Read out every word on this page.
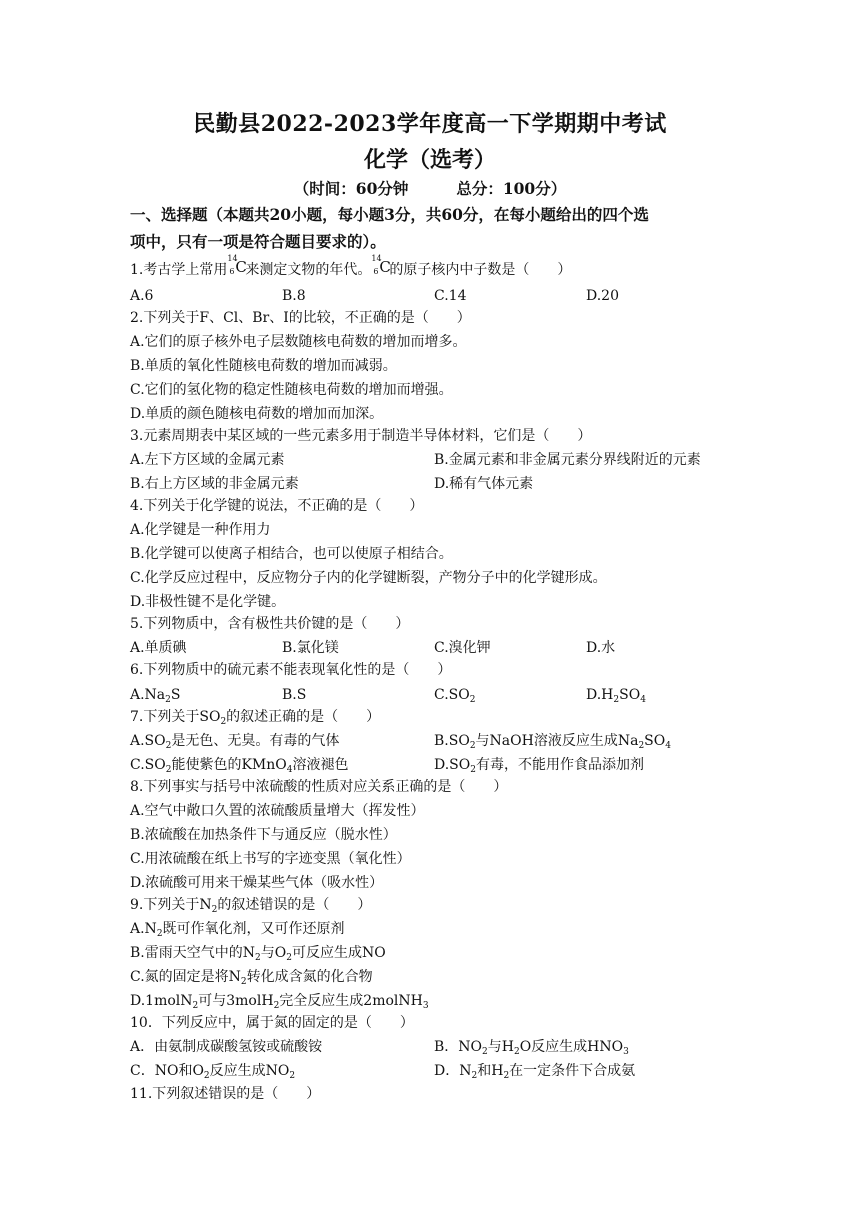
民勤县2022-2023学年度高一下学期期中考试
化学（选考）
（时间：60分钟	总分：100分）
一、选择题（本题共20小题，每小题3分，共60分，在每小题给出的四个选
项中，只有一项是符合题目要求的）。
1.考古学上常用
14
6 C
来测定文物的年代。
14
6 C
的原子核内中子数是（　　）
A.6	B.8	C.14	D.20
2.下列关于F、Cl、Br、I的比较，不正确的是（　　）
A.它们的原子核外电子层数随核电荷数的增加而增多。
B.单质的氧化性随核电荷数的增加而减弱。
C.它们的氢化物的稳定性随核电荷数的增加而增强。
D.单质的颜色随核电荷数的增加而加深。
3.元素周期表中某区域的一些元素多用于制造半导体材料，它们是（　　）
A.左下方区域的金属元素	B.金属元素和非金属元素分界线附近的元素
B.右上方区域的非金属元素	D.稀有气体元素
4.下列关于化学键的说法，不正确的是（　　）
A.化学键是一种作用力
B.化学键可以使离子相结合，也可以使原子相结合。
C.化学反应过程中，反应物分子内的化学键断裂，产物分子中的化学键形成。
D.非极性键不是化学键。
5.下列物质中，含有极性共价键的是（　　）
A.单质碘	B.氯化镁	C.溴化钾	D.水
6.下列物质中的硫元素不能表现氧化性的是（　　）
$A.Na_2S$	B.S	$C.SO_2$	$D.H_2SO_4$
7.下列关于$SO_2$的叙述正确的是（　　）
$A.SO_2$是无色、无臭。有毒的气体	$B.SO_2$与NaOH溶液反应生成$Na_2SO_4$
$C.SO_2$能使紫色的KMnO$_4$溶液褪色	$D.SO_2$有毒，不能用作食品添加剂
8.下列事实与括号中浓硫酸的性质对应关系正确的是（　　）
A.空气中敞口久置的浓硫酸质量增大（挥发性）
B.浓硫酸在加热条件下与通反应（脱水性）
C.用浓硫酸在纸上书写的字迹变黑（氧化性）
D.浓硫酸可用来干燥某些气体（吸水性）
9.下列关于$N_2$的叙述错误的是（　　）
$A.N_2$既可作氧化剂，又可作还原剂
B.雷雨天空气中的$N_2$与$O_2$可反应生成NO
C.氮的固定是将$N_2$转化成含氮的化合物
D.1molN$_2$可与3molH$_2$完全反应生成2molNH$_3$
10．下列反应中，属于氮的固定的是（　　）
A．由氨制成碳酸氢铵或硫酸铵	B．$NO_2$与$H_2O$反应生成$HNO_3$
C．NO和$O_2$反应生成$NO_2$	D．$N_2$和$H_2$在一定条件下合成氨
11.下列叙述错误的是（　　）
